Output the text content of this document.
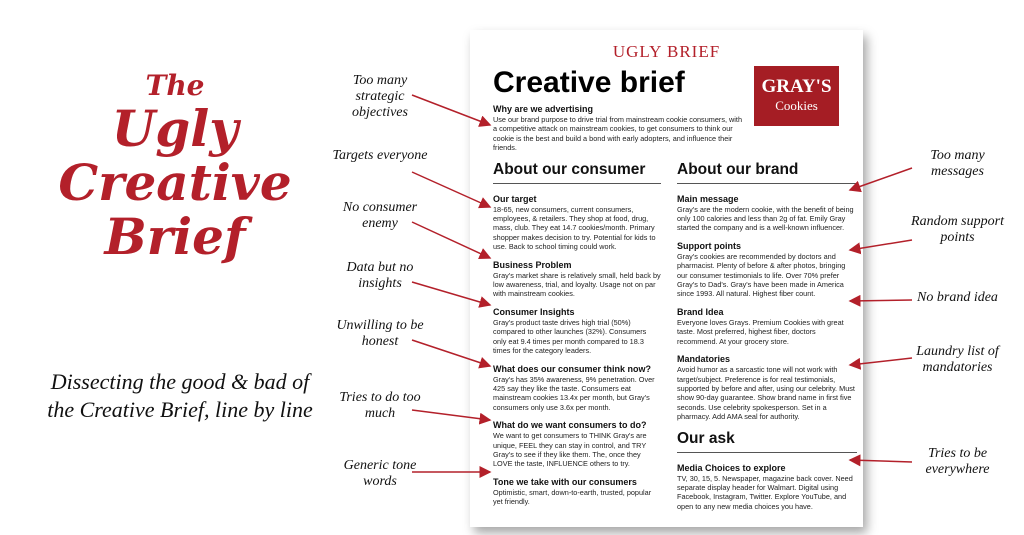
The
Ugly
Creative
Brief
Dissecting the good & bad of the Creative Brief, line by line
Too many strategic objectives
Targets everyone
No consumer enemy
Data but no insights
Unwilling to be honest
Tries to do too much
Generic tone words
Too many messages
Random support points
No brand idea
Laundry list of mandatories
Tries to be everywhere
UGLY BRIEF
Creative brief	GRAY'S
Cookies
Why are we advertising

Use our brand purpose to drive trial from mainstream cookie consumers, with a competitive attack on mainstream cookies, to get consumers to think our cookie is the best and build a bond with early adopters, and influence their friends.

About our consumer
Our target

18-65, new consumers, current consumers, employees, & retailers. They shop at food, drug, mass, club. They eat 14.7 cookies/month. Primary shopper makes decision to try. Potential for kids to use. Back to school timing could work.

Business Problem

Gray's market share is relatively small, held back by low awareness, trial, and loyalty. Usage not on par with mainstream cookies.

Consumer Insights

Gray's product taste drives high trial (50%) compared to other launches (32%). Consumers only eat 9.4 times per month compared to 18.3 times for the category leaders.

What does our consumer think now?

Gray's has 35% awareness, 9% penetration. Over 425 say they like the taste. Consumers eat mainstream cookies 13.4x per month, but Gray's consumers only use 3.6x per month.

What do we want consumers to do?

We want to get consumers to THINK Gray's are unique, FEEL they can stay in control, and TRY Gray's to see if they like them. The, once they LOVE the taste, INFLUENCE others to try.

Tone we take with our consumers

Optimistic, smart, down-to-earth, trusted, popular yet friendly.

About our brand
Main message

Gray's are the modern cookie, with the benefit of being only 100 calories and less than 2g of fat. Emily Gray started the company and is a well-known influencer.

Support points

Gray's cookies are recommended by doctors and pharmacist. Plenty of before & after photos, bringing our consumer testimonials to life. Over 70% prefer Gray's to Dad's. Gray's have been made in America since 1993. All natural. Highest fiber count.

Brand Idea

Everyone loves Grays. Premium Cookies with great taste. Most preferred, highest fiber, doctors recommend. At your grocery store.

Mandatories

Avoid humor as a sarcastic tone will not work with target/subject. Preference is for real testimonials, supported by before and after, using our celebrity. Must show 90-day guarantee. Show brand name in first five seconds. Use celebrity spokesperson. Set in a pharmacy. Add AMA seal for authority.

Our ask
Media Choices to explore

TV, 30, 15, 5. Newspaper, magazine back cover. Need separate display header for Walmart. Digital using Facebook, Instagram, Twitter. Explore YouTube, and open to any new media choices you have.
